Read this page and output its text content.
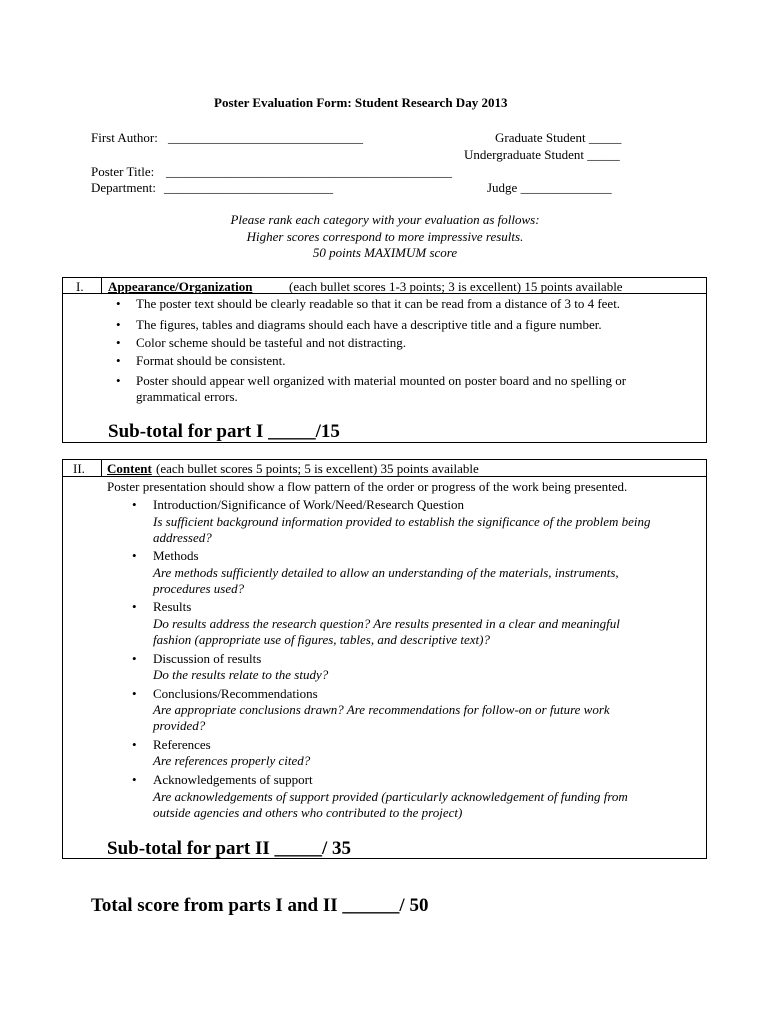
Poster Evaluation Form: Student Research Day 2013
First Author: ______________________________	Graduate Student _____
Undergraduate Student _____
Poster Title: ____________________________________________
Department: __________________________	Judge ______________
Please rank each category with your evaluation as follows:
Higher scores correspond to more impressive results.
50 points MAXIMUM score
I. Appearance/Organization	(each bullet scores 1-3 points; 3 is excellent) 15 points available
• The poster text should be clearly readable so that it can be read from a distance of 3 to 4 feet.
• The figures, tables and diagrams should each have a descriptive title and a figure number.
• Color scheme should be tasteful and not distracting.
• Format should be consistent.
• Poster should appear well organized with material mounted on poster board and no spelling or
grammatical errors.
Sub-total for part I _____/15
II. Content (each bullet scores 5 points; 5 is excellent) 35 points available
Poster presentation should show a flow pattern of the order or progress of the work being presented.
• Introduction/Significance of Work/Need/Research Question
Is sufficient background information provided to establish the significance of the problem being
addressed?
• Methods
Are methods sufficiently detailed to allow an understanding of the materials, instruments,
procedures used?
• Results
Do results address the research question? Are results presented in a clear and meaningful
fashion (appropriate use of figures, tables, and descriptive text)?
• Discussion of results
Do the results relate to the study?
• Conclusions/Recommendations
Are appropriate conclusions drawn? Are recommendations for follow-on or future work
provided?
• References
Are references properly cited?
• Acknowledgements of support
Are acknowledgements of support provided (particularly acknowledgement of funding from
outside agencies and others who contributed to the project)
Sub-total for part II _____/ 35
Total score from parts I and II ______/ 50
